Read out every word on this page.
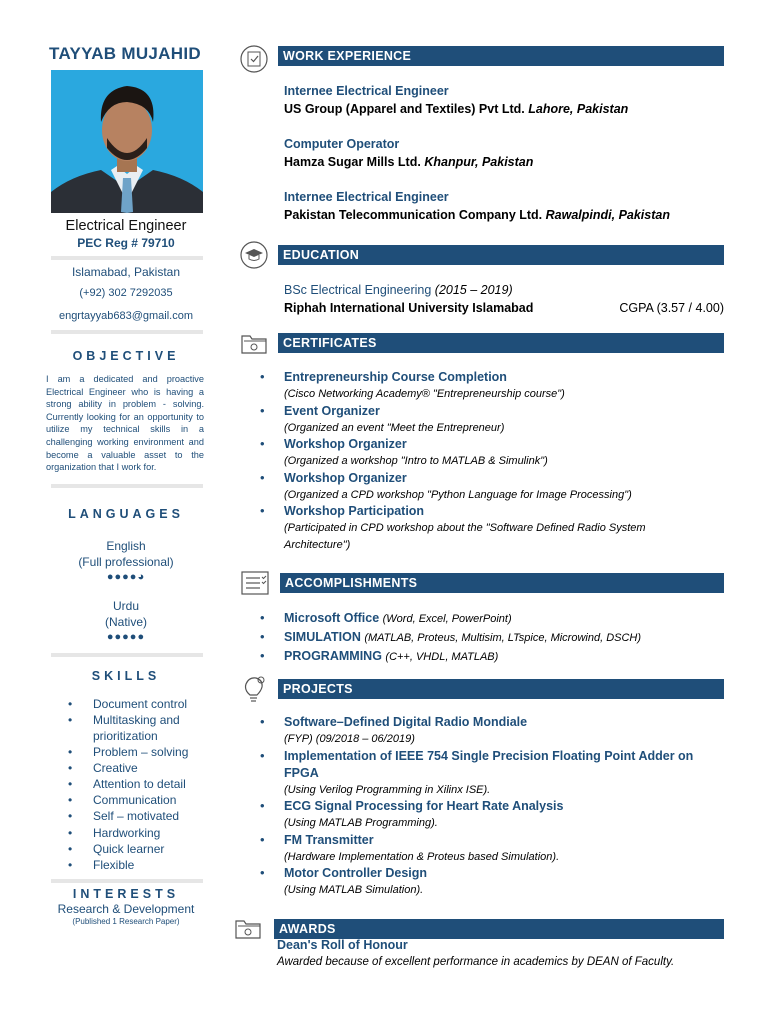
TAYYAB MUJAHID
Electrical Engineer
PEC Reg # 79710
Islamabad, Pakistan
(+92) 302 7292035
engrtayyab683@gmail.com
OBJECTIVE
I am a dedicated and proactive Electrical Engineer who is having a strong ability in problem - solving. Currently looking for an opportunity to utilize my technical skills in a challenging working environment and become a valuable asset to the organization that I work for.
LANGUAGES
English
(Full professional)
●●●●◕
Urdu
(Native)
●●●●●
SKILLS
• Document control
• Multitasking and prioritization
• Problem – solving
• Creative
• Attention to detail
• Communication
• Self – motivated
• Hardworking
• Quick learner
• Flexible
INTERESTS
Research & Development
(Published 1 Research Paper)
WORK EXPERIENCE
Internee Electrical Engineer
US Group (Apparel and Textiles) Pvt Ltd. Lahore, Pakistan
Computer Operator
Hamza Sugar Mills Ltd. Khanpur, Pakistan
Internee Electrical Engineer
Pakistan Telecommunication Company Ltd. Rawalpindi, Pakistan
EDUCATION
BSc Electrical Engineering (2015 – 2019)
Riphah International University Islamabad	CGPA (3.57 / 4.00)
CERTIFICATES
• Entrepreneurship Course Completion
(Cisco Networking Academy® "Entrepreneurship course")
• Event Organizer
(Organized an event "Meet the Entrepreneur)
• Workshop Organizer
(Organized a workshop "Intro to MATLAB & Simulink")
• Workshop Organizer
(Organized a CPD workshop "Python Language for Image Processing")
• Workshop Participation
(Participated in CPD workshop about the "Software Defined Radio System Architecture")
ACCOMPLISHMENTS
• Microsoft Office (Word, Excel, PowerPoint)
• SIMULATION (MATLAB, Proteus, Multisim, LTspice, Microwind, DSCH)
• PROGRAMMING (C++, VHDL, MATLAB)
PROJECTS
• Software–Defined Digital Radio Mondiale
(FYP) (09/2018 – 06/2019)
• Implementation of IEEE 754 Single Precision Floating Point Adder on FPGA
(Using Verilog Programming in Xilinx ISE).
• ECG Signal Processing for Heart Rate Analysis
(Using MATLAB Programming).
• FM Transmitter
(Hardware Implementation & Proteus based Simulation).
• Motor Controller Design
(Using MATLAB Simulation).
AWARDS
Dean's Roll of Honour
Awarded because of excellent performance in academics by DEAN of Faculty.
